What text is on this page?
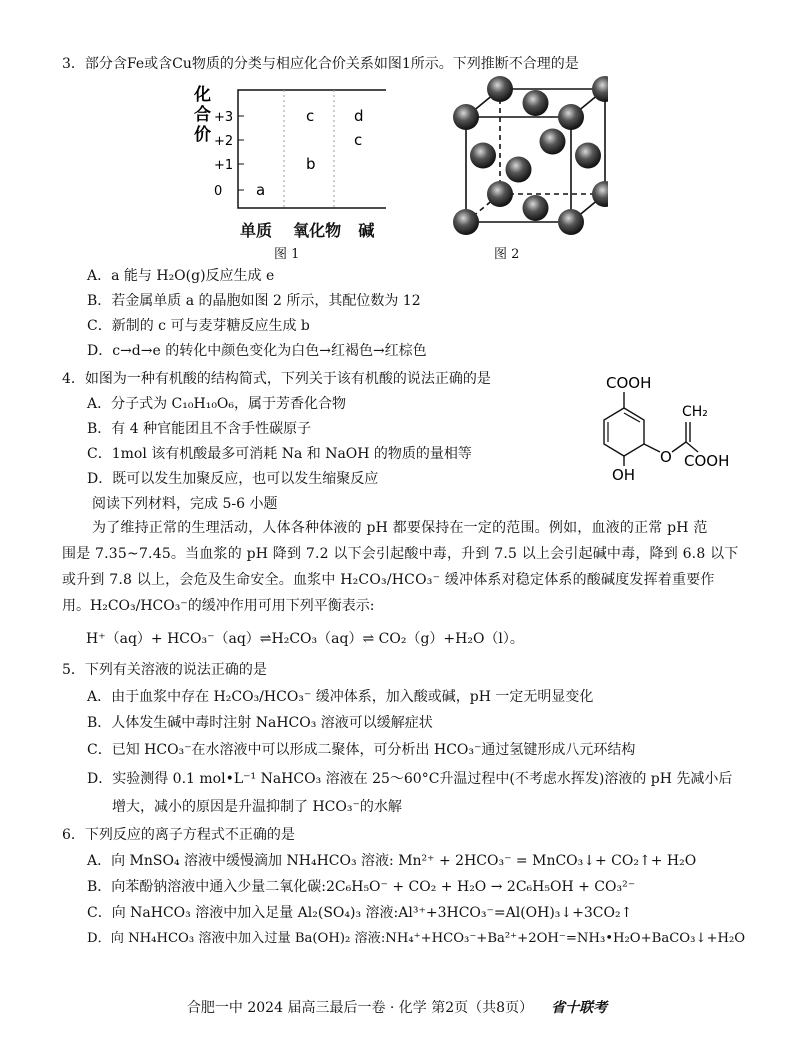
3．部分含Fe或含Cu物质的分类与相应化合价关系如图1所示。下列推断不合理的是
化
合
价
+3
+2
+1
0 a
b
c
c	d
单质 氧化物 碱
图 1	图 2
A．a 能与 H₂O(g)反应生成 e
B．若金属单质 a 的晶胞如图 2 所示，其配位数为 12
C．新制的 c 可与麦芽糖反应生成 b
D．c→d→e 的转化中颜色变化为白色→红褐色→红棕色
4．如图为一种有机酸的结构简式，下列关于该有机酸的说法正确的是
A．分子式为 C₁₀H₁₀O₆，属于芳香化合物
B．有 4 种官能团且不含手性碳原子
C．1mol 该有机酸最多可消耗 Na 和 NaOH 的物质的量相等
D．既可以发生加聚反应，也可以发生缩聚反应
COOH
OH
O
CH₂
COOH
阅读下列材料，完成 5-6 小题
为了维持正常的生理活动，人体各种体液的 pH 都要保持在一定的范围。例如，血液的正常 pH 范
围是 7.35~7.45。当血浆的 pH 降到 7.2 以下会引起酸中毒，升到 7.5 以上会引起碱中毒，降到 6.8 以下
或升到 7.8 以上，会危及生命安全。血浆中 H₂CO₃/HCO₃⁻ 缓冲体系对稳定体系的酸碱度发挥着重要作
用。H₂CO₃/HCO₃⁻的缓冲作用可用下列平衡表示:
H⁺（aq）+ HCO₃⁻（aq）⇌H₂CO₃（aq）⇌ CO₂（g）+H₂O（l）。
5．下列有关溶液的说法正确的是
A．由于血浆中存在 H₂CO₃/HCO₃⁻ 缓冲体系，加入酸或碱，pH 一定无明显变化
B．人体发生碱中毒时注射 NaHCO₃ 溶液可以缓解症状
C．已知 HCO₃⁻在水溶液中可以形成二聚体，可分析出 HCO₃⁻通过氢键形成八元环结构
D．实验测得 0.1 mol•L⁻¹ NaHCO₃ 溶液在 25～60°C升温过程中(不考虑水挥发)溶液的 pH 先减小后
增大，减小的原因是升温抑制了 HCO₃⁻的水解
6．下列反应的离子方程式不正确的是
A．向 MnSO₄ 溶液中缓慢滴加 NH₄HCO₃ 溶液: Mn²⁺ + 2HCO₃⁻ = MnCO₃↓+ CO₂↑+ H₂O
B．向苯酚钠溶液中通入少量二氧化碳:2C₆H₅O⁻ + CO₂ + H₂O → 2C₆H₅OH + CO₃²⁻
C．向 NaHCO₃ 溶液中加入足量 Al₂(SO₄)₃ 溶液:Al³⁺+3HCO₃⁻=Al(OH)₃↓+3CO₂↑
D．向 NH₄HCO₃ 溶液中加入过量 Ba(OH)₂ 溶液:NH₄⁺+HCO₃⁻+Ba²⁺+2OH⁻=NH₃•H₂O+BaCO₃↓+H₂O
合肥一中 2024 届高三最后一卷 · 化学 第2页（共8页） 省十联考
